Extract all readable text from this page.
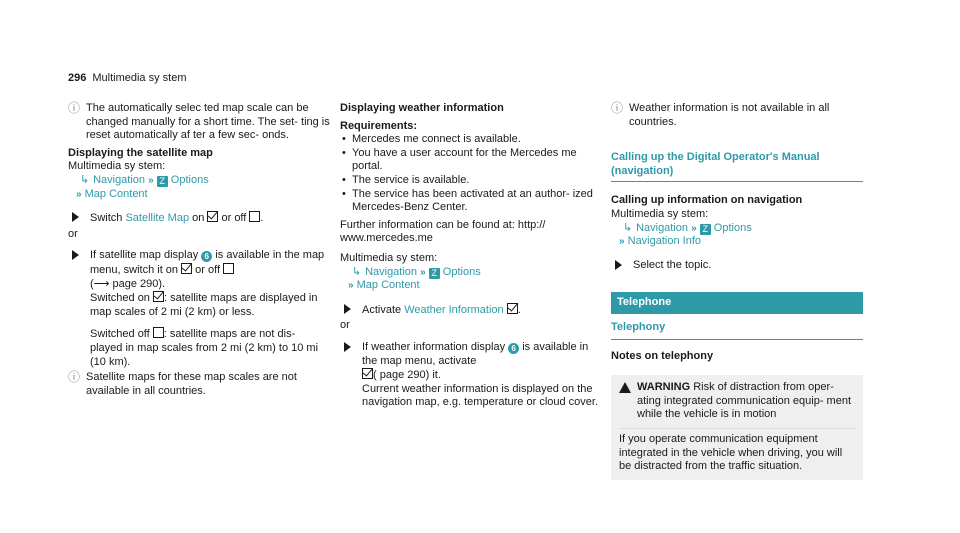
296 Multimedia sy stem
ⓘ The automatically selec ted map scale can be changed manually for a short time. The set‐ ting is reset automatically af ter a few sec‐ onds.

Displaying the satellite map

Multimedia sy stem:

↳ Navigation » Z Options

» Map Content

Switch Satellite Map on  or off .

or

If satellite map display 6 is available in the map menu, switch it on  or off
(⟶ page 290).

Switched on : satellite maps are displayed in map scales of 2 mi (2 km) or less.

Switched off : satellite maps are not dis‐ played in map scales from 2 mi (2 km) to 10 mi (10 km).

ⓘ Satellite maps for these map scales are not available in all countries.

Displaying weather information

Requirements:

• Mercedes me connect is available.
• You have a user account for the Mercedes me portal.
• The service is available.
• The service has been activated at an author‐ ized Mercedes-Benz Center.

Further information can be found at: http:// www.mercedes.me

Multimedia sy stem:

↳ Navigation » Z Options

» Map Content

Activate Weather Information .

or

If weather information display 6 is available in the map menu, activate
( page 290) it.

Current weather information is displayed on the navigation map, e.g. temperature or cloud cover.

ⓘ Weather information is not available in all countries.

Calling up the Digital Operator's Manual (navigation)

Calling up information on navigation

Multimedia sy stem:

↳ Navigation » Z Options

» Navigation Info

Select the topic.
Telephone
Telephony

Notes on telephony

WARNING Risk of distraction from oper‐ ating integrated communication equip‐ ment while the vehicle is in motion

If you operate communication equipment integrated in the vehicle when driving, you will be distracted from the traffic situation.
